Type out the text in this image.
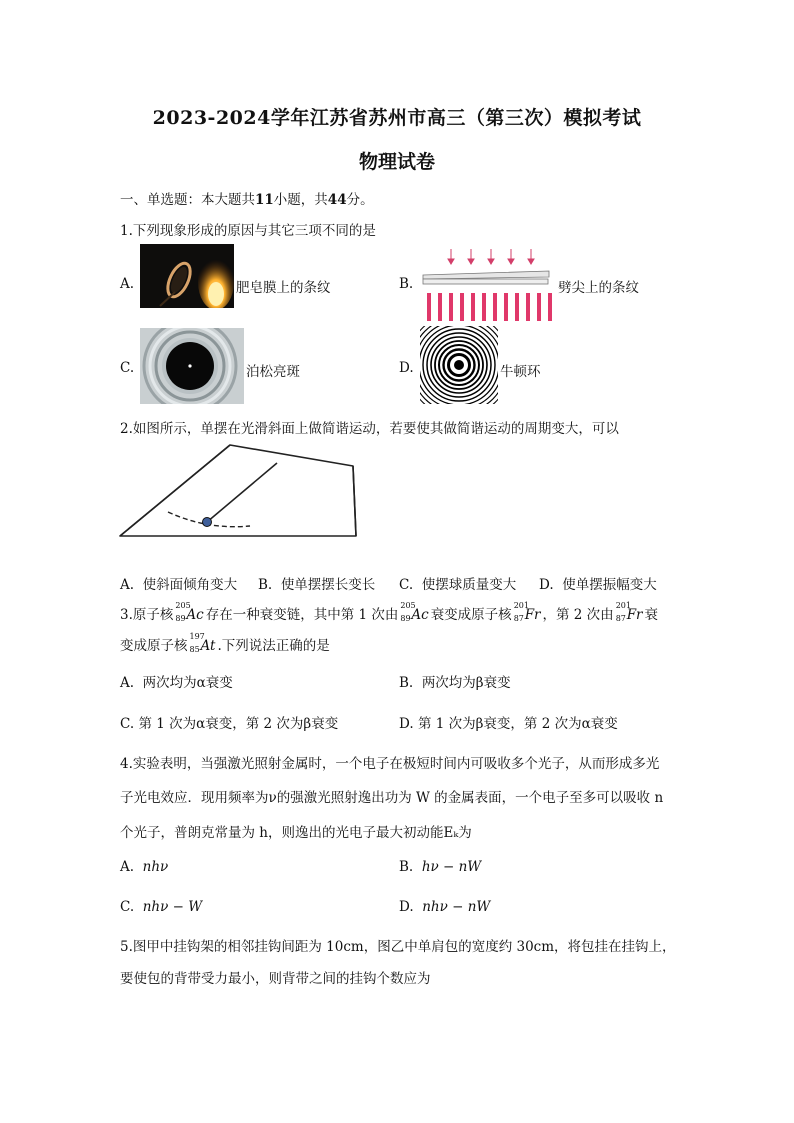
2023-2024学年江苏省苏州市高三（第三次）模拟考试
物理试卷
一、单选题：本大题共11小题，共44分。
1.下列现象形成的原因与其它三项不同的是
A.	肥皂膜上的条纹	B.	劈尖上的条纹
C.	泊松亮斑	D.	牛顿环
2.如图所示，单摆在光滑斜面上做简谐运动，若要使其做简谐运动的周期变大，可以
A. 使斜面倾角变大 B. 使单摆摆长变长 C. 使摆球质量变大 D. 使单摆振幅变大
3.原子核
205
89 Ac 存在一种衰变链，其中第 1 次由
205
89 Ac 衰变成原子核
201
87 Fr ，第 2 次由
201
87 Fr 衰
变成原子核
197
85 At .下列说法正确的是
A. 两次均为α衰变	B. 两次均为β衰变
C. 第 1 次为α衰变，第 2 次为β衰变	D. 第 1 次为β衰变，第 2 次为α衰变
4.实验表明，当强激光照射金属时，一个电子在极短时间内可吸收多个光子，从而形成多光
子光电效应．现用频率为ν的强激光照射逸出功为 W 的金属表面，一个电子至多可以吸收 n
个光子，普朗克常量为 h，则逸出的光电子最大初动能Eₖ为
A. nhν	B. hν − nW
C. nhν − W	D. nhν − nW
5.图甲中挂钩架的相邻挂钩间距为 10cm，图乙中单肩包的宽度约 30cm，将包挂在挂钩上，
要使包的背带受力最小，则背带之间的挂钩个数应为
